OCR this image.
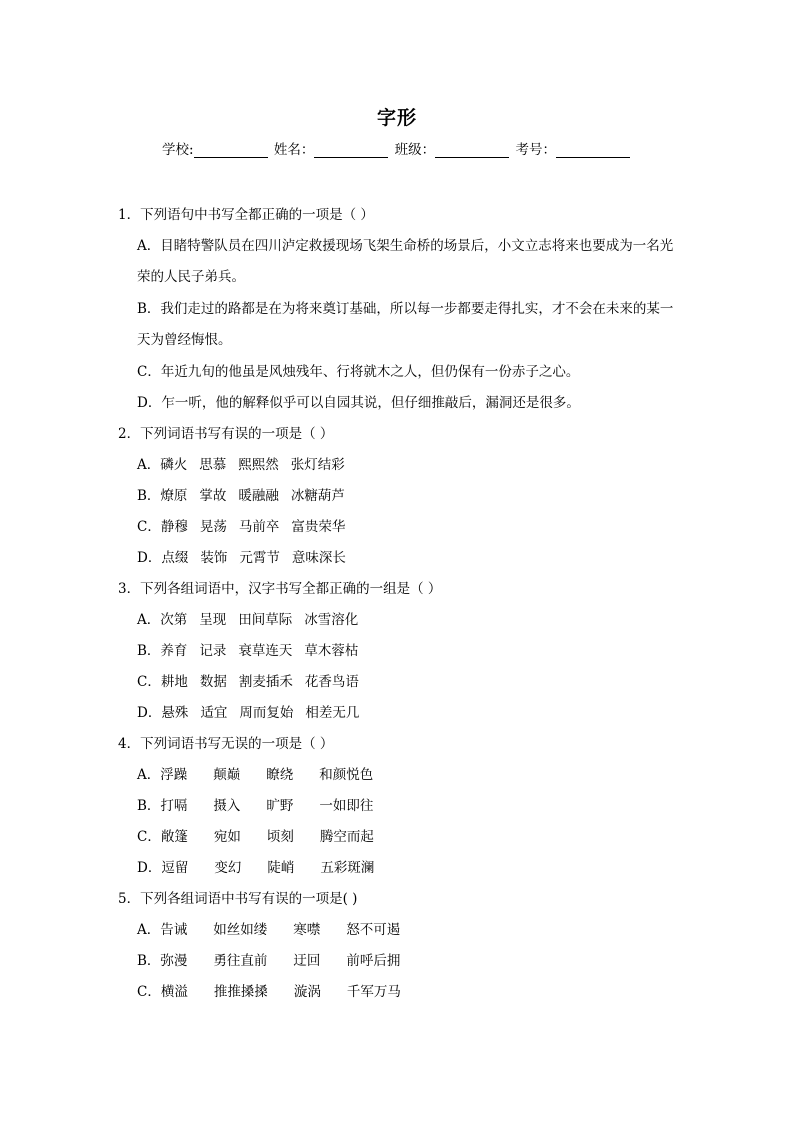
字形
学校:	姓名：	班级：	考号：
1．下列语句中书写全都正确的一项是（ ）
A．目睹特警队员在四川泸定救援现场飞架生命桥的场景后，小文立志将来也要成为一名光荣的人民子弟兵。
B．我们走过的路都是在为将来奠订基础，所以每一步都要走得扎实，才不会在未来的某一天为曾经悔恨。
C．年近九旬的他虽是风烛残年、行将就木之人，但仍保有一份赤子之心。
D．乍一听，他的解释似乎可以自园其说，但仔细推敲后，漏洞还是很多。
2．下列词语书写有误的一项是（ ）
A．磷火 思慕 熙熙然 张灯结彩
B．燎原 掌故 暖融融 冰糖葫芦
C．静穆 晃荡 马前卒 富贵荣华
D．点缀 装饰 元霄节 意味深长
3．下列各组词语中，汉字书写全都正确的一组是（ ）
A．次第 呈现 田间草际 冰雪溶化
B．养育 记录 衰草连天 草木蓉枯
C．耕地 数据 割麦插禾 花香鸟语
D．悬殊 适宜 周而复始 相差无几
4．下列词语书写无误的一项是（ ）
A．浮躁 颠巅 瞭绕 和颜悦色
B．打嗝 摄入 旷野 一如即往
C．敞篷 宛如 顷刻 腾空而起
D．逗留 变幻 陡峭 五彩斑澜
5．下列各组词语中书写有误的一项是( )
A．告诫 如丝如缕 寒噤 怒不可遏
B．弥漫 勇往直前 迂回 前呼后拥
C．横溢 推推搡搡 漩涡 千军万马
